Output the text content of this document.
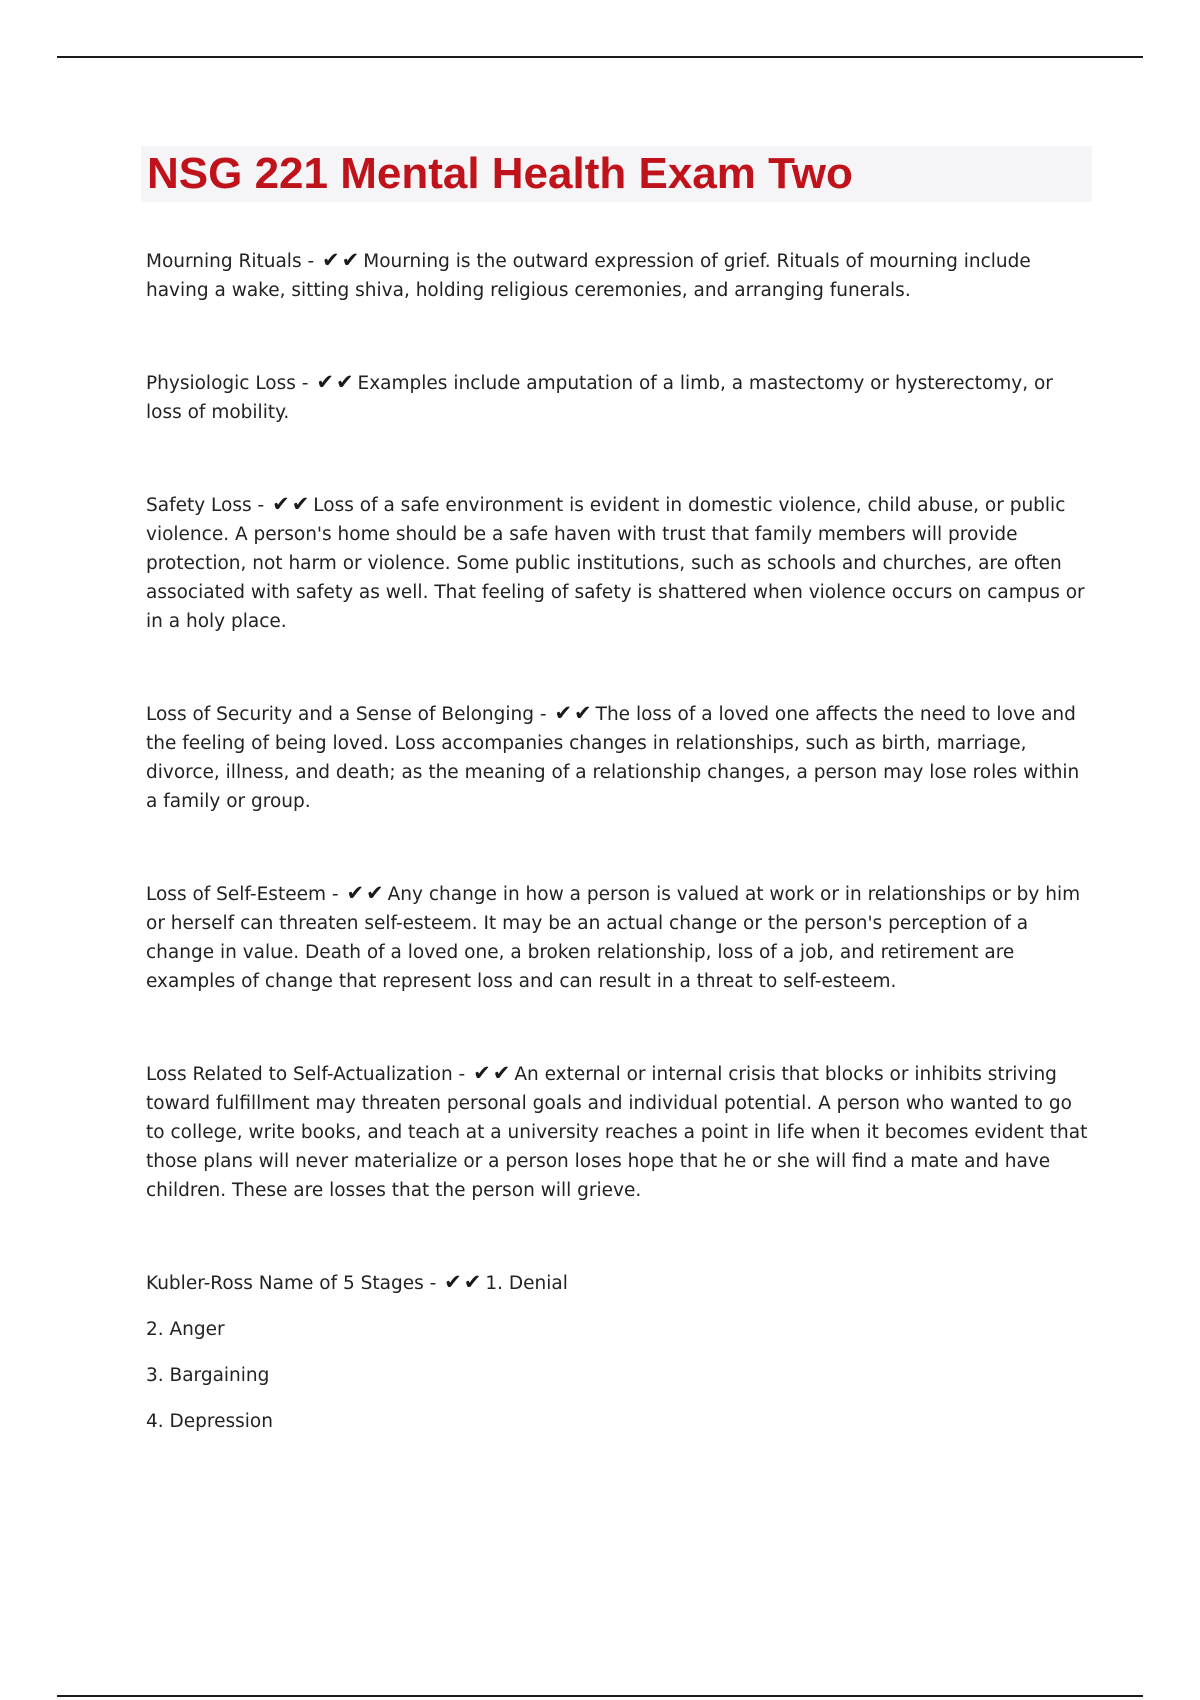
NSG 221 Mental Health Exam Two

Mourning Rituals - ✔✔ Mourning is the outward expression of grief. Rituals of mourning include having a wake, sitting shiva, holding religious ceremonies, and arranging funerals.

Physiologic Loss - ✔✔ Examples include amputation of a limb, a mastectomy or hysterectomy, or loss of mobility.

Safety Loss - ✔✔ Loss of a safe environment is evident in domestic violence, child abuse, or public violence. A person's home should be a safe haven with trust that family members will provide protection, not harm or violence. Some public institutions, such as schools and churches, are often associated with safety as well. That feeling of safety is shattered when violence occurs on campus or in a holy place.

Loss of Security and a Sense of Belonging - ✔✔ The loss of a loved one affects the need to love and the feeling of being loved. Loss accompanies changes in relationships, such as birth, marriage, divorce, illness, and death; as the meaning of a relationship changes, a person may lose roles within a family or group.

Loss of Self-Esteem - ✔✔ Any change in how a person is valued at work or in relationships or by him or herself can threaten self-esteem. It may be an actual change or the person's perception of a change in value. Death of a loved one, a broken relationship, loss of a job, and retirement are examples of change that represent loss and can result in a threat to self-esteem.

Loss Related to Self-Actualization - ✔✔ An external or internal crisis that blocks or inhibits striving toward fulfillment may threaten personal goals and individual potential. A person who wanted to go to college, write books, and teach at a university reaches a point in life when it becomes evident that those plans will never materialize or a person loses hope that he or she will find a mate and have children. These are losses that the person will grieve.

Kubler-Ross Name of 5 Stages - ✔✔ 1. Denial
2. Anger
3. Bargaining
4. Depression
